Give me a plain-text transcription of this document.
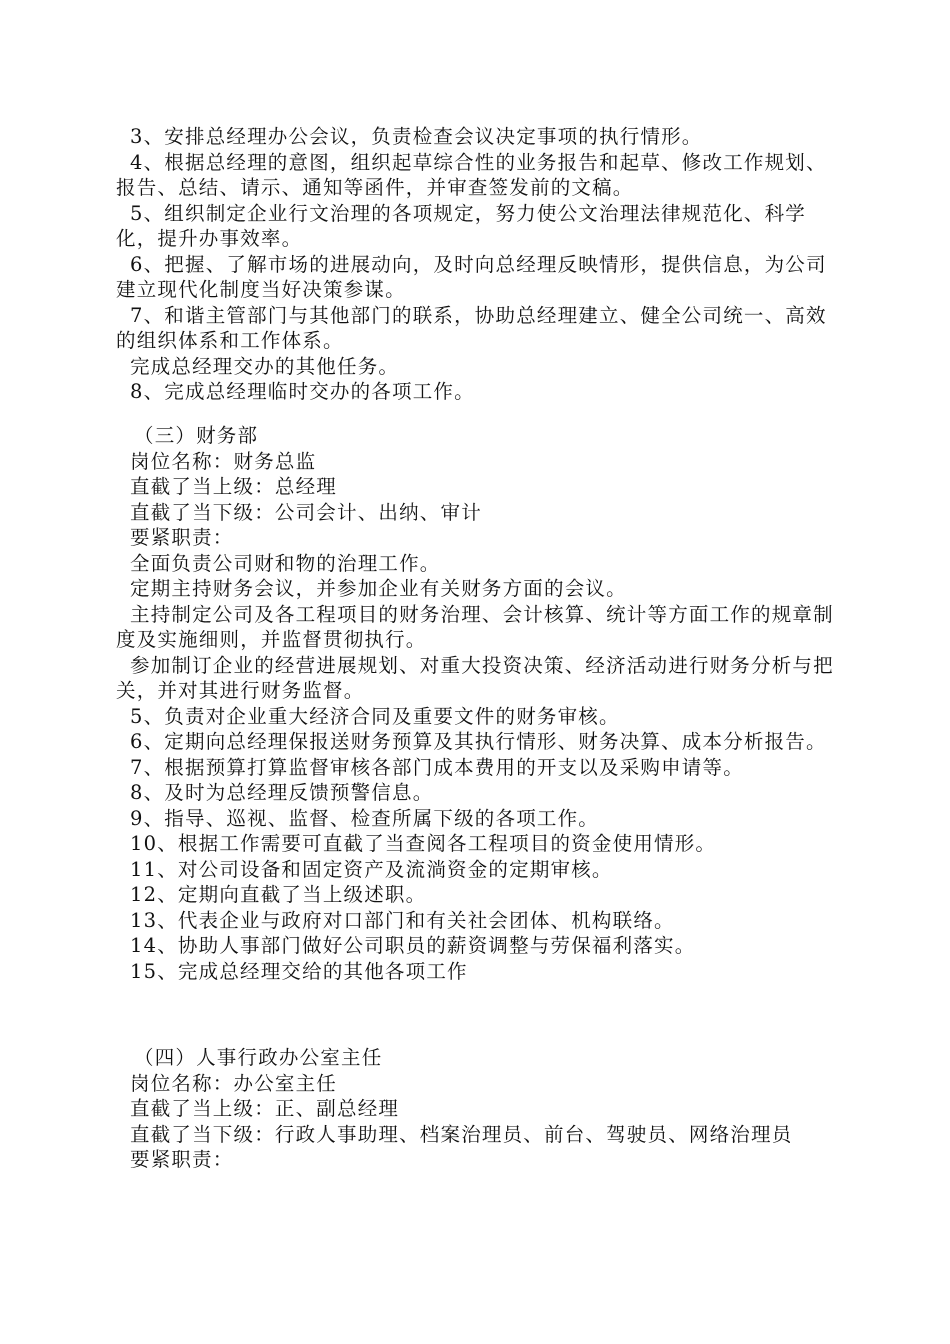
3、安排总经理办公会议，负责检查会议决定事项的执行情形。

4、根据总经理的意图，组织起草综合性的业务报告和起草、修改工作规划、报告、总结、请示、通知等函件，并审查签发前的文稿。

5、组织制定企业行文治理的各项规定，努力使公文治理法律规范化、科学化，提升办事效率。

6、把握、了解市场的进展动向，及时向总经理反映情形，提供信息，为公司建立现代化制度当好决策参谋。

7、和谐主管部门与其他部门的联系，协助总经理建立、健全公司统一、高效的组织体系和工作体系。

完成总经理交办的其他任务。

8、完成总经理临时交办的各项工作。

（三）财务部

岗位名称：财务总监

直截了当上级：总经理

直截了当下级：公司会计、出纳、审计

要紧职责：

全面负责公司财和物的治理工作。

定期主持财务会议，并参加企业有关财务方面的会议。

主持制定公司及各工程项目的财务治理、会计核算、统计等方面工作的规章制度及实施细则，并监督贯彻执行。

参加制订企业的经营进展规划、对重大投资决策、经济活动进行财务分析与把关，并对其进行财务监督。

5、负责对企业重大经济合同及重要文件的财务审核。

6、定期向总经理保报送财务预算及其执行情形、财务决算、成本分析报告。

7、根据预算打算监督审核各部门成本费用的开支以及采购申请等。

8、及时为总经理反馈预警信息。

9、指导、巡视、监督、检查所属下级的各项工作。

10、根据工作需要可直截了当查阅各工程项目的资金使用情形。

11、对公司设备和固定资产及流淌资金的定期审核。

12、定期向直截了当上级述职。

13、代表企业与政府对口部门和有关社会团体、机构联络。

14、协助人事部门做好公司职员的薪资调整与劳保福利落实。

15、完成总经理交给的其他各项工作

（四）人事行政办公室主任

岗位名称：办公室主任

直截了当上级：正、副总经理

直截了当下级：行政人事助理、档案治理员、前台、驾驶员、网络治理员

要紧职责：
